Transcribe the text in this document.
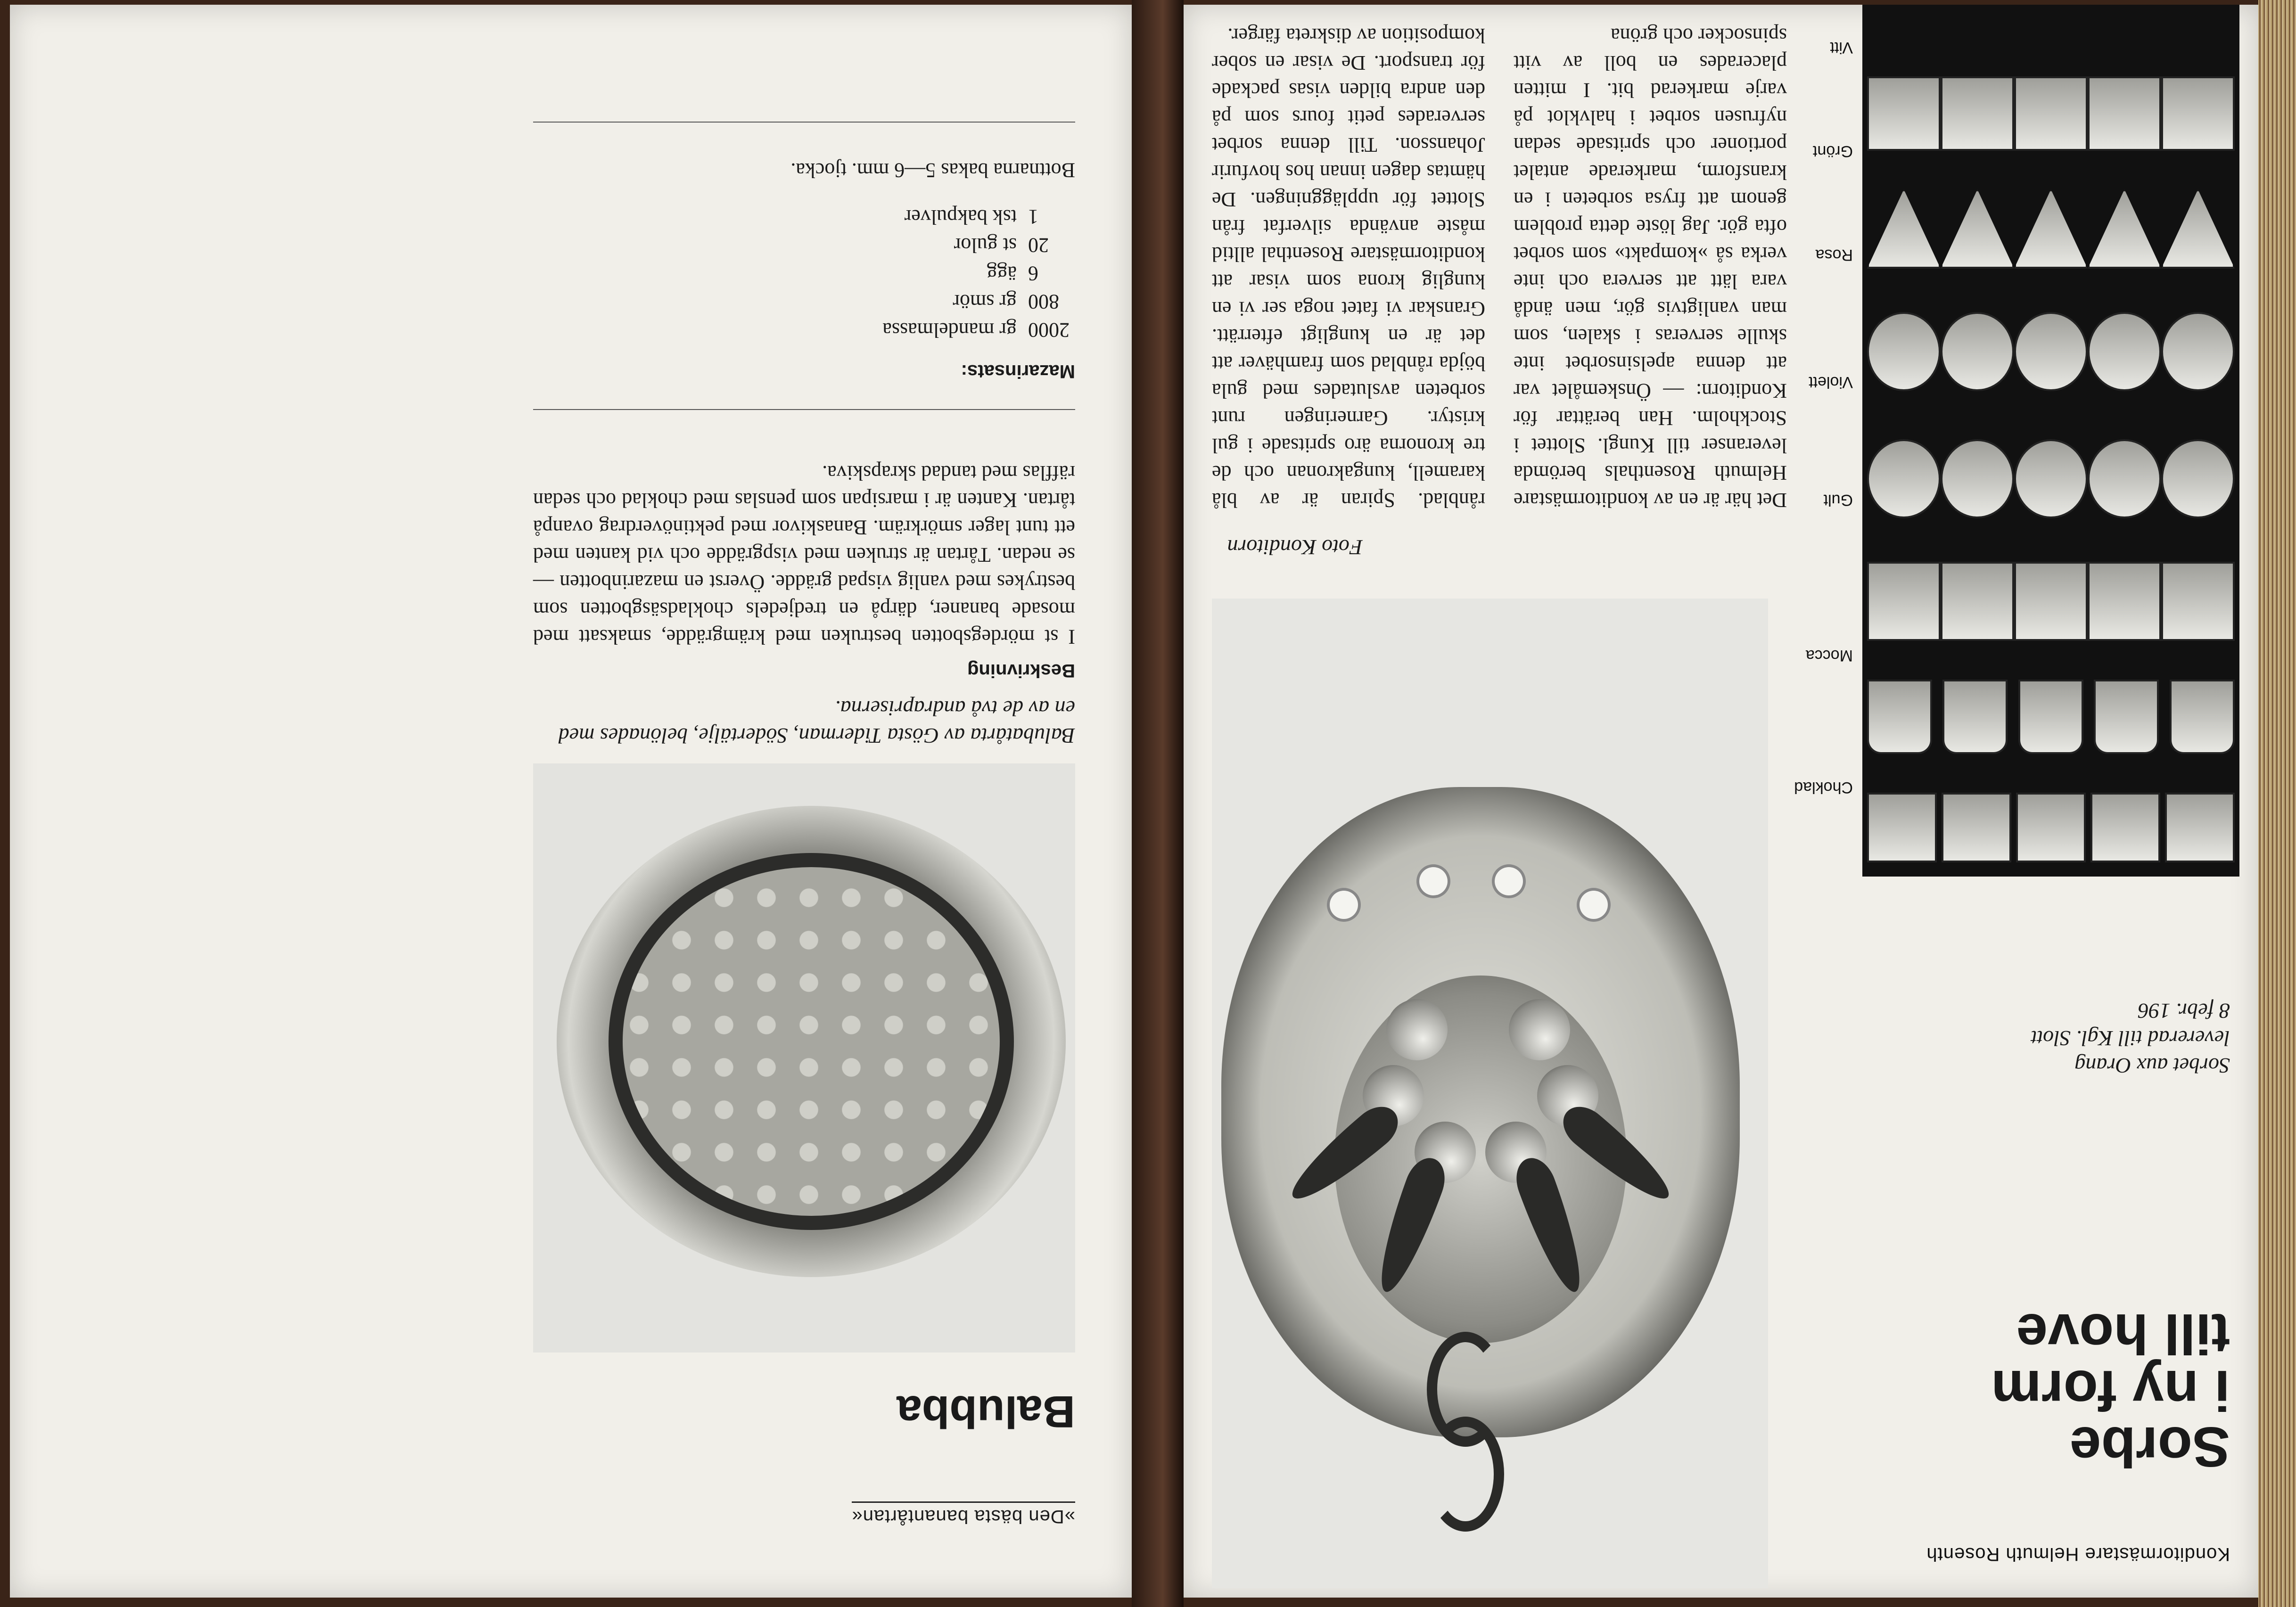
Konditormästare Helmuth Rosenth
Sorbe
i ny form
till hove
Sorbet aux Orang
levererad till Kgl. Slott
8 febr. 196
Choklad
Mocca
Gult
Violett
Rosa
Grönt
Vitt
Foto Konditorn

Det här är en av konditormästare Helmuth Rosenthals berömda leveranser till Kungl. Slottet i Stockholm. Han berättar för Konditorn: — Önskemålet var att denna apelsinsorbet inte skulle serveras i skalen, som man vanligtvis gör, men ändå vara lätt att servera och inte verka så »kompakt» som sorbet ofta gör. Jag löste detta problem genom att frysa sorbeten i en kransform, markerade antalet portioner och spritsade sedan nyfrusen sorbet i halvklot på varje markerad bit. I mitten placerades en boll av vitt spinsocker och gröna

rånblad. Spiran är av blå karamell, kungakronan och de tre kronorna äro spritsade i gul kristyr. Garneringen runt sorbeten avslutades med gula böjda rånblad som framhäver att det är en kungligt efterrätt. Granskar vi fatet noga ser vi en kunglig krona som visar att konditormästare Rosenthal alltid måste använda silverfat från Slottet för uppläggningen. De hämtas dagen innan hos hovfurir Johansson. Till denna sorbet serverades petit fours som på den andra bilden visas packade för transport. De visar en sober komposition av diskreta färger.

»Den bästa banantårtan«
Balubba
Balubatårta av Gösta Tiderman, Södertälje, belönades med en av de två andrapriserna.
Beskrivning

I st mördegsbotten bestruken med krämgrädde, smaksatt med mosade bananer, därpå en tredjedels chokladsäsgbotten som bestrykes med vanlig vispad grädde. Överst en mazarinbotten — se nedan. Tårtan är struken med vispgrädde och vid kanten med ett tunt lager smörkräm. Banaskivor med pektinöverdrag ovanpå tårtan. Kanten är i marsipan som penslas med choklad och sedan räfflas med tandad skrapskiva.

Mazarinsats:
2000gr mandelmassa
800gr smör
6ägg
20st gulor
1tsk bakpulver

Bottnarna bakas 5—6 mm. tjocka.
